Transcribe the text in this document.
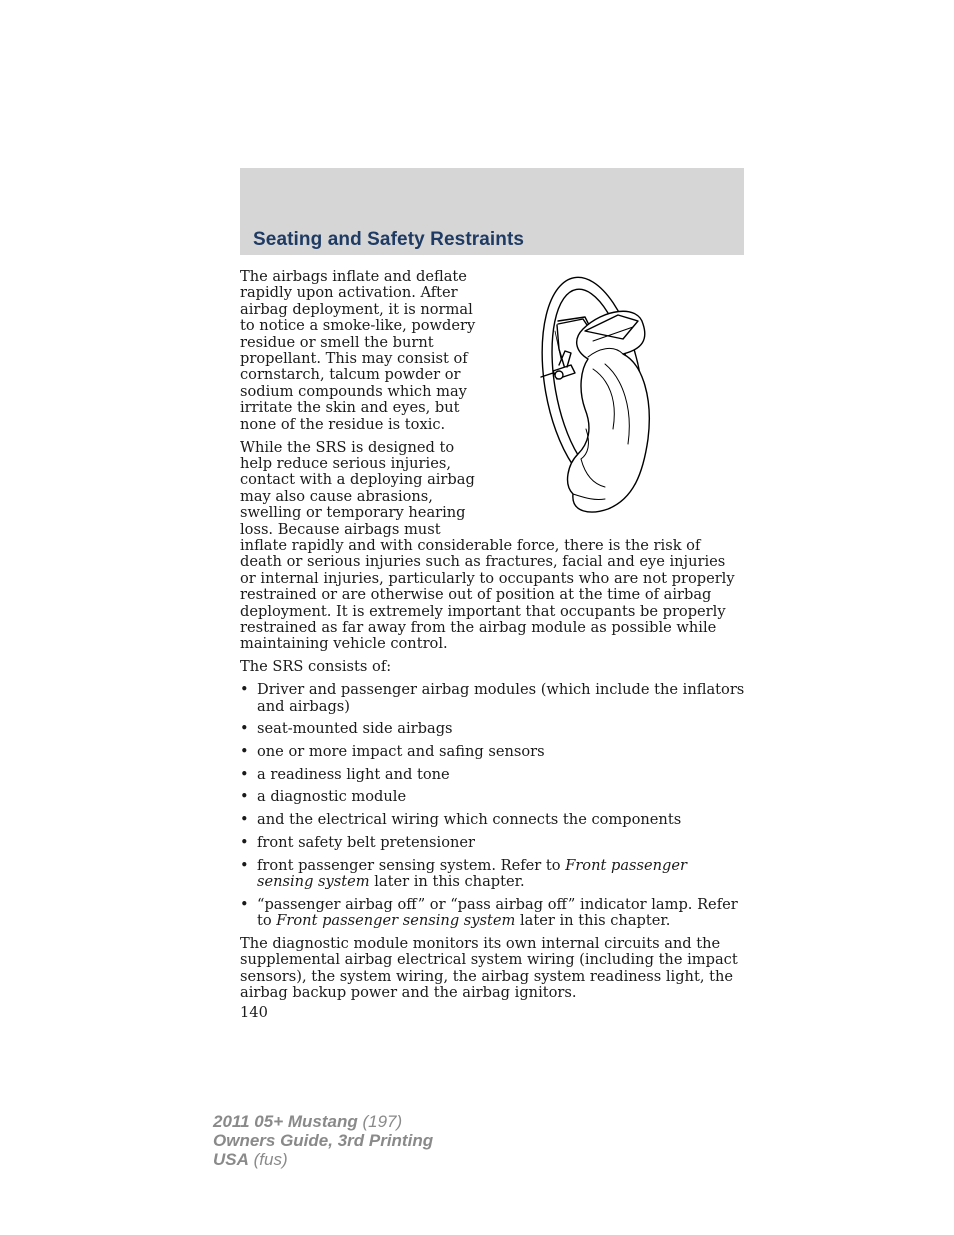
Seating and Safety Restraints

The airbags inflate and deflate rapidly upon activation. After airbag deployment, it is normal to notice a smoke-like, powdery residue or smell the burnt propellant. This may consist of cornstarch, talcum powder or sodium compounds which may irritate the skin and eyes, but none of the residue is toxic.

While the SRS is designed to help reduce serious injuries, contact with a deploying airbag may also cause abrasions, swelling or temporary hearing loss. Because airbags must inflate rapidly and with considerable force, there is the risk of death or serious injuries such as fractures, facial and eye injuries or internal injuries, particularly to occupants who are not properly restrained or are otherwise out of position at the time of airbag deployment. It is extremely important that occupants be properly restrained as far away from the airbag module as possible while maintaining vehicle control.

The SRS consists of:

• Driver and passenger airbag modules (which include the inflators and airbags)
• seat-mounted side airbags
• one or more impact and safing sensors
• a readiness light and tone
• a diagnostic module
• and the electrical wiring which connects the components
• front safety belt pretensioner
• front passenger sensing system. Refer to Front passenger sensing system later in this chapter.
• “passenger airbag off” or “pass airbag off” indicator lamp. Refer to Front passenger sensing system later in this chapter.

The diagnostic module monitors its own internal circuits and the supplemental airbag electrical system wiring (including the impact sensors), the system wiring, the airbag system readiness light, the airbag backup power and the airbag ignitors.

140
2011 05+ Mustang (197)
Owners Guide, 3rd Printing
USA (fus)
